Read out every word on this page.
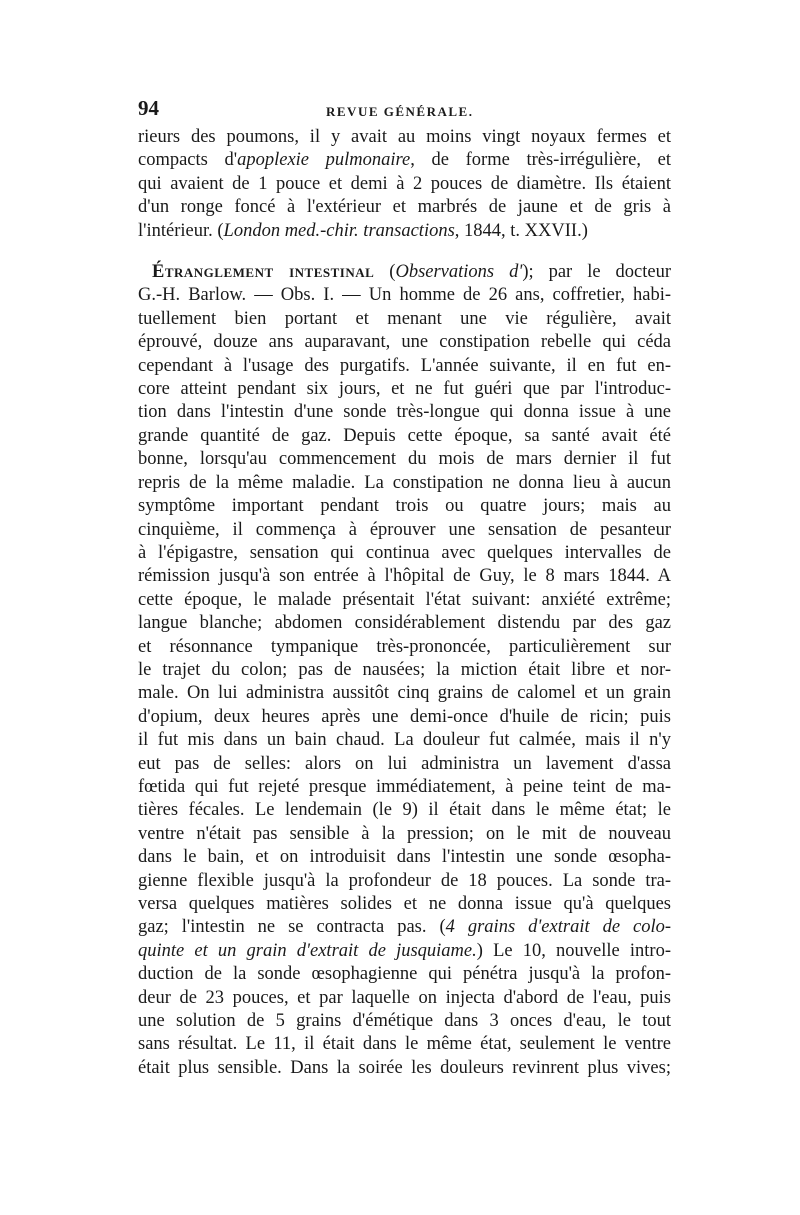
94	REVUE GÉNÉRALE.
rieurs des poumons, il y avait au moins vingt noyaux fermes et
compacts d'apoplexie pulmonaire, de forme très-irrégulière, et
qui avaient de 1 pouce et demi à 2 pouces de diamètre. Ils étaient
d'un ronge foncé à l'extérieur et marbrés de jaune et de gris à
l'intérieur. (London med.-chir. transactions, 1844, t. XXVII.)
Étranglement intestinal (Observations d'); par le docteur
G.-H. Barlow. — Obs. I. — Un homme de 26 ans, coffretier, habi-
tuellement bien portant et menant une vie régulière, avait
éprouvé, douze ans auparavant, une constipation rebelle qui céda
cependant à l'usage des purgatifs. L'année suivante, il en fut en-
core atteint pendant six jours, et ne fut guéri que par l'introduc-
tion dans l'intestin d'une sonde très-longue qui donna issue à une
grande quantité de gaz. Depuis cette époque, sa santé avait été
bonne, lorsqu'au commencement du mois de mars dernier il fut
repris de la même maladie. La constipation ne donna lieu à aucun
symptôme important pendant trois ou quatre jours; mais au
cinquième, il commença à éprouver une sensation de pesanteur
à l'épigastre, sensation qui continua avec quelques intervalles de
rémission jusqu'à son entrée à l'hôpital de Guy, le 8 mars 1844. A
cette époque, le malade présentait l'état suivant: anxiété extrême;
langue blanche; abdomen considérablement distendu par des gaz
et résonnance tympanique très-prononcée, particulièrement sur
le trajet du colon; pas de nausées; la miction était libre et nor-
male. On lui administra aussitôt cinq grains de calomel et un grain
d'opium, deux heures après une demi-once d'huile de ricin; puis
il fut mis dans un bain chaud. La douleur fut calmée, mais il n'y
eut pas de selles: alors on lui administra un lavement d'assa
fœtida qui fut rejeté presque immédiatement, à peine teint de ma-
tières fécales. Le lendemain (le 9) il était dans le même état; le
ventre n'était pas sensible à la pression; on le mit de nouveau
dans le bain, et on introduisit dans l'intestin une sonde œsopha-
gienne flexible jusqu'à la profondeur de 18 pouces. La sonde tra-
versa quelques matières solides et ne donna issue qu'à quelques
gaz; l'intestin ne se contracta pas. (4 grains d'extrait de colo-
quinte et un grain d'extrait de jusquiame.) Le 10, nouvelle intro-
duction de la sonde œsophagienne qui pénétra jusqu'à la profon-
deur de 23 pouces, et par laquelle on injecta d'abord de l'eau, puis
une solution de 5 grains d'émétique dans 3 onces d'eau, le tout
sans résultat. Le 11, il était dans le même état, seulement le ventre
était plus sensible. Dans la soirée les douleurs revinrent plus vives;
